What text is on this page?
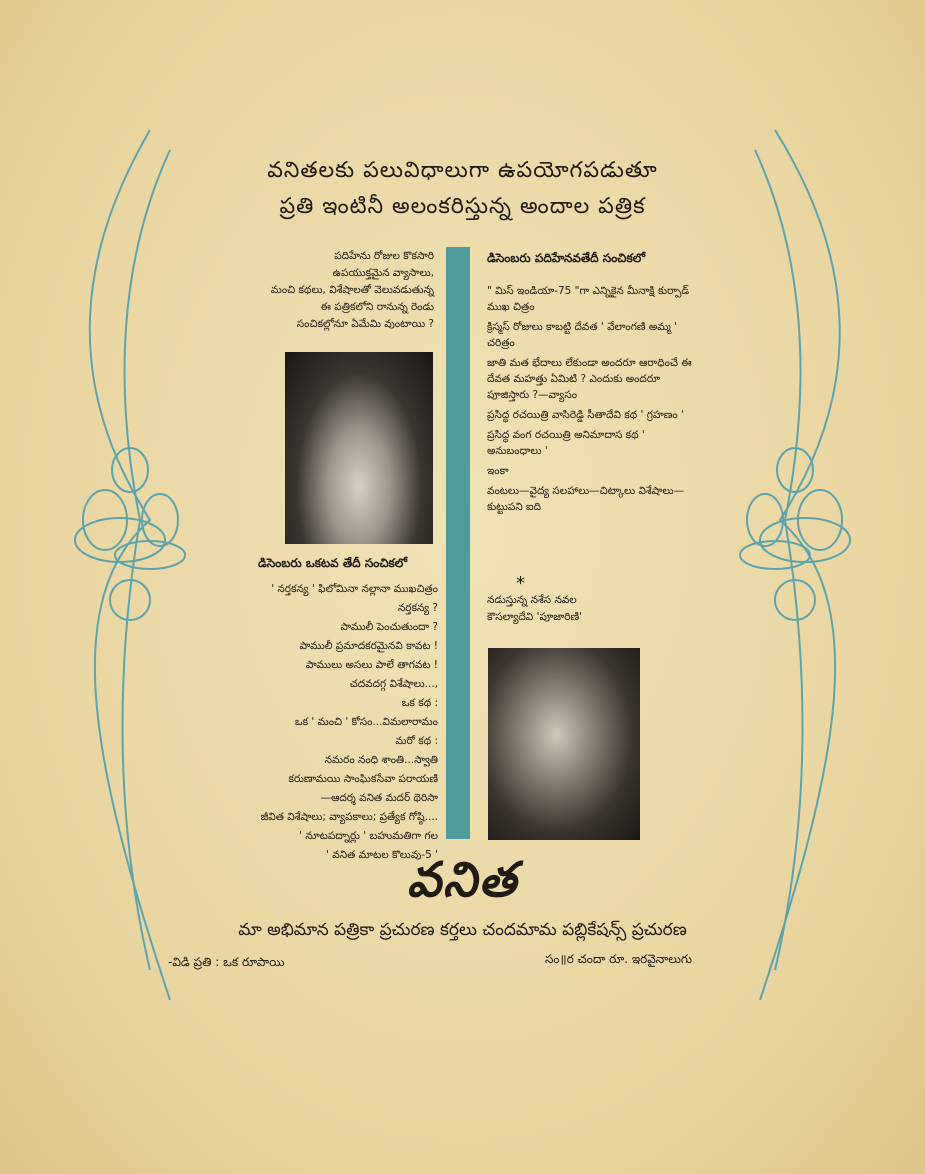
వనితలకు పలువిధాలుగా ఉపయోగపడుతూ
ప్రతి ఇంటినీ అలంకరిస్తున్న అందాల పత్రిక
పదిహేను రోజుల కొకసారి
ఉపయుక్తమైన వ్యాసాలు,
మంచి కథలు, విశేషాలతో వెలువడుతున్న
ఈ పత్రికలోని రానున్న రెండు
సంచికల్లోనూ ఏమేమి వుంటాయి ?
డిసెంబరు ఒకటవ తేదీ సంచికలో
' నర్తకన్య ' ఫిలోమినా నల్లానా ముఖచిత్రం
నర్తకన్య ?
పాములీ పెంచుతుందా ?
పాములీ ప్రమాదకరమైనవి కావట !
పాములు అసలు పాలే తాగవట !
చదవదగ్గ విశేషాలు...,
ఒక కథ :
ఒక ' మంచి ' కోసం...విమలారామం
మరో కథ :
నమరం నంధి శాంతి...స్వాతి
కరుణామయి సాంఘికసేవా పరాయణి
—ఆదర్శ వనిత మదర్ థెరిసా
జీవిత విశేషాలు; వ్యాపకాలు; ప్రత్యేక గోష్ఠి....
' నూటపద్నార్లు ' బహుమతిగా గల
' వనిత మాటల కొలువు-5 '
డిసెంబరు పదిహేనవతేదీ సంచికలో
" మిస్ ఇండియా-75 "గా ఎన్నికైన మీనాక్షి కుర్పాడ్ ముఖ చిత్రం
క్రిస్మస్ రోజులు కాబట్టి దేవత ' వేలాంగణి అమ్మ ' చరిత్రం
జాతి మత భేదాలు లేకుండా అందరూ ఆరాధించే ఈ దేవత మహత్తు ఏమిటి ? ఎందుకు అందరూ పూజిస్తారు ?—వ్యాసం
ప్రసిద్ధ రచయిత్రి వాసిరెడ్డి సీతాదేవి కథ ' గ్రహణం '
ప్రసిద్ధ వంగ రచయిత్రి అనిమాదాస కథ ' అనుబంధాలు '
ఇంకా
వంటలు—వైద్య సలహాలు—చిట్కాలు విశేషాలు—కుట్టుపని ఐది
*
నడుస్తున్న నశేస నవల
కౌసల్యాదేవి 'పూజారిణి'
వనిత
మా అభిమాన పత్రికా ప్రచురణ కర్తలు చందమామ పబ్లికేషన్స్ ప్రచురణ
-విడి ప్రతి : ఒక రూపాయి	సం॥ర చందా రూ. ఇరవైనాలుగు
